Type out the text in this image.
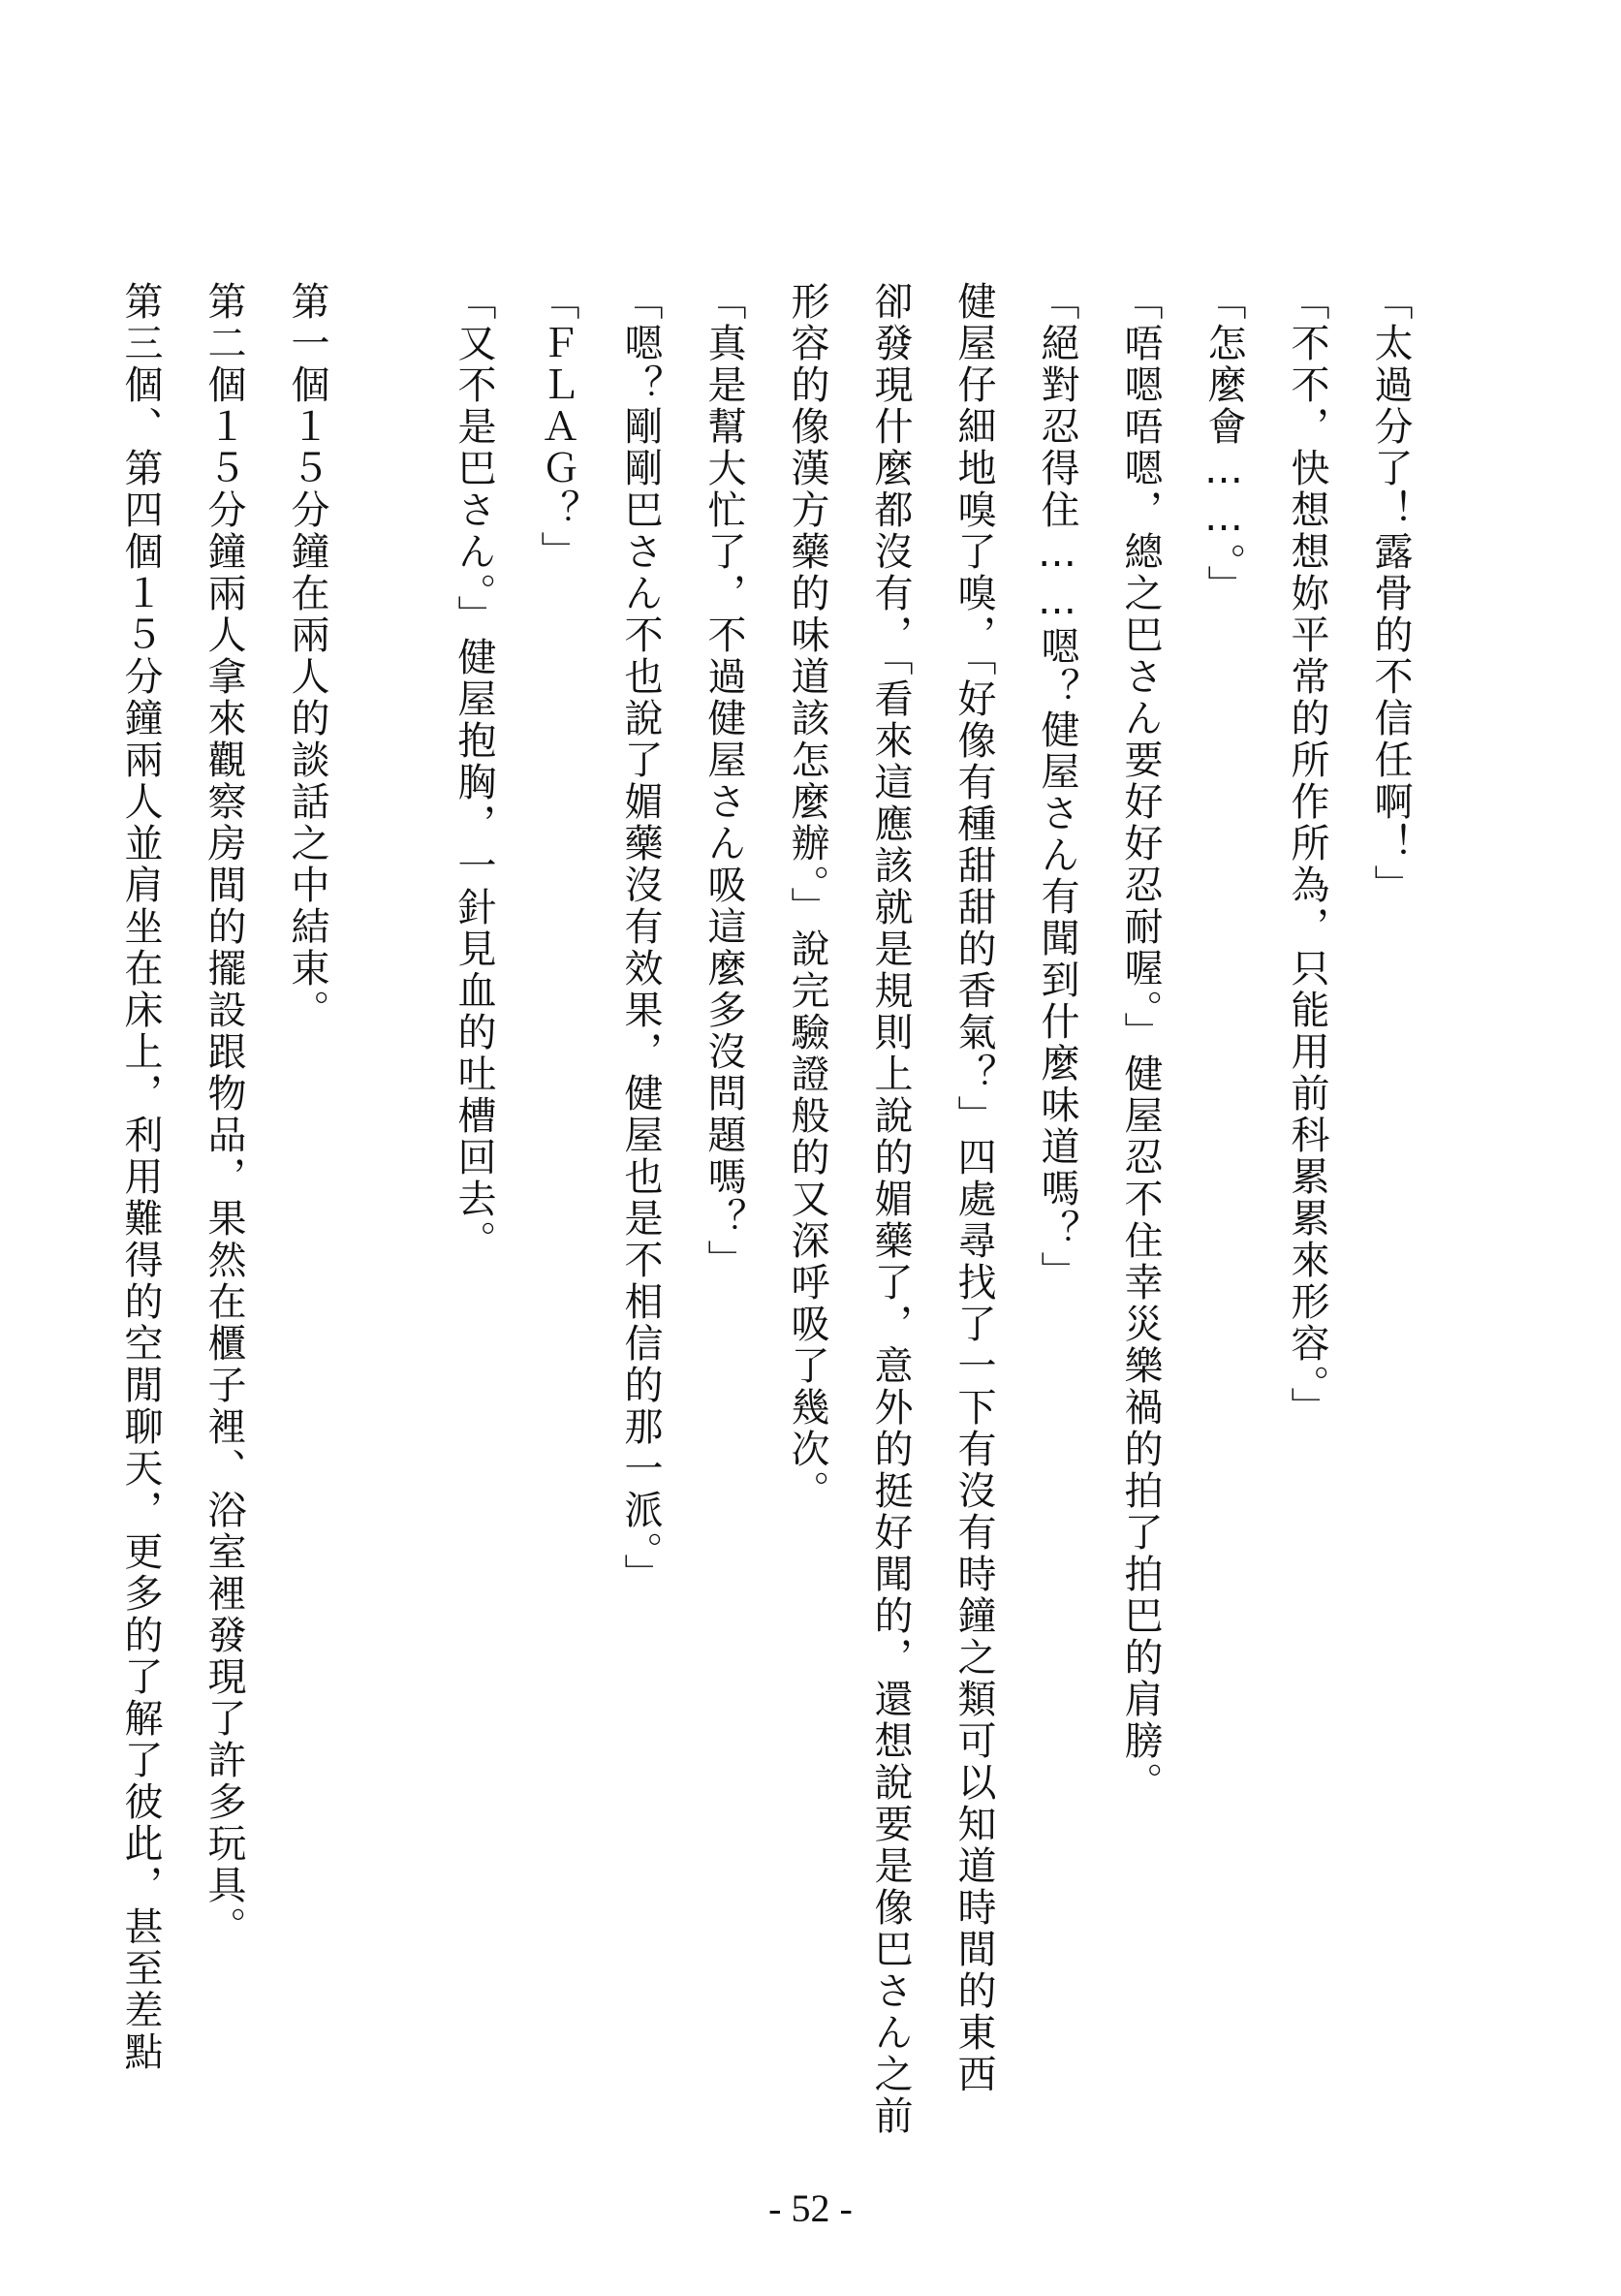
「太過分了！露骨的不信任啊！」
「不不，快想想妳平常的所作所為，只能用前科累累來形容。」
「怎麼會……。」
「唔嗯唔嗯，總之巴さん要好好忍耐喔。」健屋忍不住幸災樂禍的拍了拍巴的肩膀。
「絕對忍得住……嗯？健屋さん有聞到什麼味道嗎？」
健屋仔細地嗅了嗅，「好像有種甜甜的香氣？」四處尋找了一下有沒有時鐘之類可以知道時間的東西
卻發現什麼都沒有，「看來這應該就是規則上說的媚藥了，意外的挺好聞的，還想說要是像巴さん之前
形容的像漢方藥的味道該怎麼辦。」說完驗證般的又深呼吸了幾次。
「真是幫大忙了，不過健屋さん吸這麼多沒問題嗎？」
「嗯？剛剛巴さん不也說了媚藥沒有效果，健屋也是不相信的那一派。」
「ＦＬＡＧ？」
「又不是巴さん。」健屋抱胸，一針見血的吐槽回去。
第一個１５分鐘在兩人的談話之中結束。
第二個１５分鐘兩人拿來觀察房間的擺設跟物品，果然在櫃子裡、浴室裡發現了許多玩具。
第三個、第四個１５分鐘兩人並肩坐在床上，利用難得的空閒聊天，更多的了解了彼此，甚至差點
- 52 -
